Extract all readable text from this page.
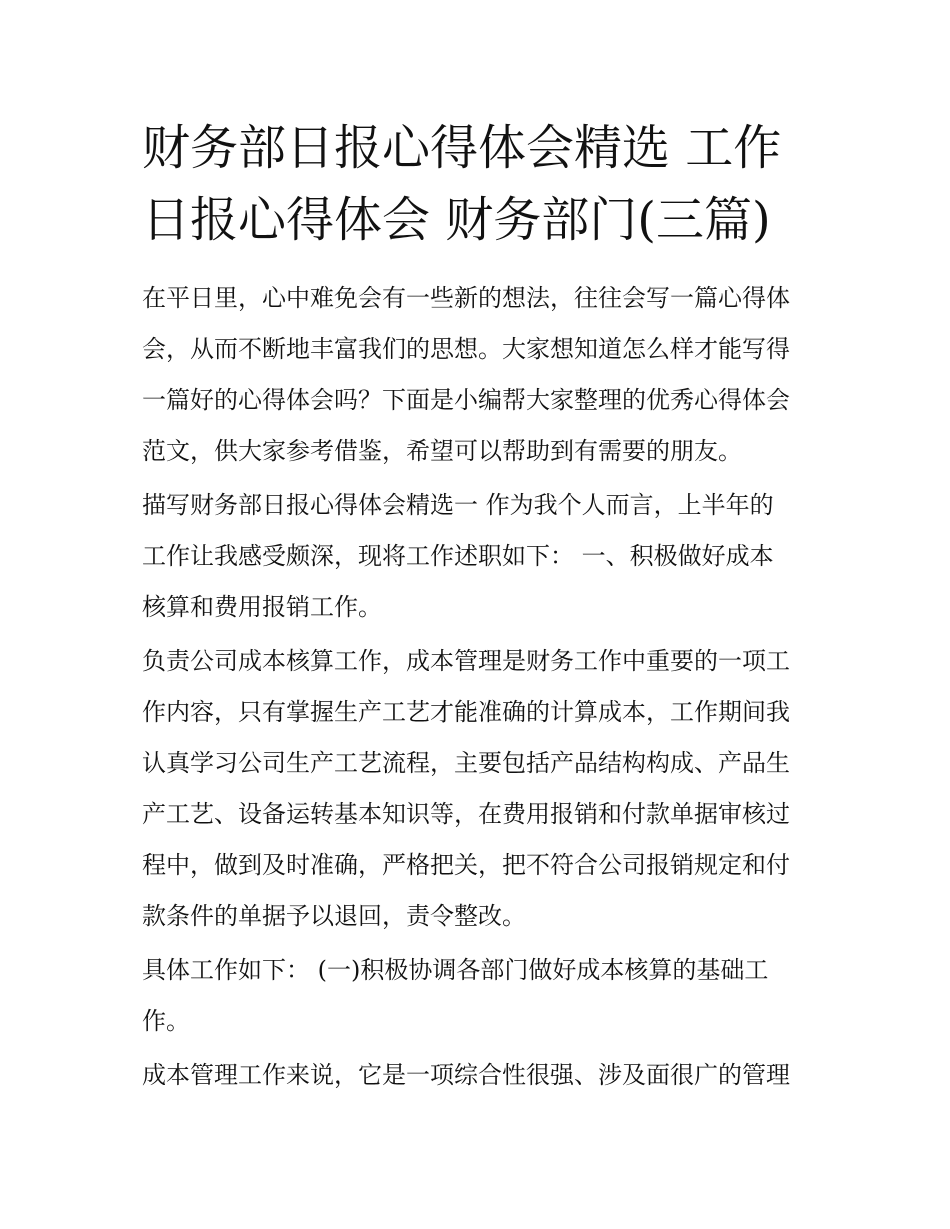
财务部日报心得体会精选 工作
日报心得体会 财务部门(三篇)

在平日里，心中难免会有一些新的想法，往往会写一篇心得体
会，从而不断地丰富我们的思想。大家想知道怎么样才能写得
一篇好的心得体会吗？下面是小编帮大家整理的优秀心得体会
范文，供大家参考借鉴，希望可以帮助到有需要的朋友。

描写财务部日报心得体会精选一 作为我个人而言，上半年的
工作让我感受颇深，现将工作述职如下： 一、积极做好成本
核算和费用报销工作。

负责公司成本核算工作，成本管理是财务工作中重要的一项工
作内容，只有掌握生产工艺才能准确的计算成本，工作期间我
认真学习公司生产工艺流程，主要包括产品结构构成、产品生
产工艺、设备运转基本知识等，在费用报销和付款单据审核过
程中，做到及时准确，严格把关，把不符合公司报销规定和付
款条件的单据予以退回，责令整改。

具体工作如下： (一)积极协调各部门做好成本核算的基础工
作。

成本管理工作来说，它是一项综合性很强、涉及面很广的管理
